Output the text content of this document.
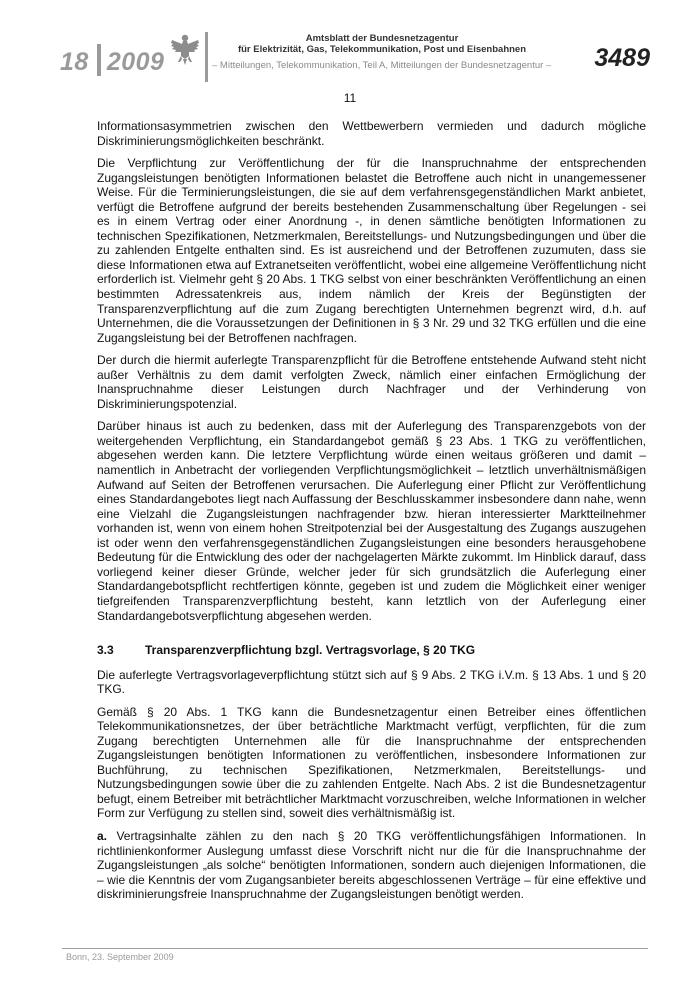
18 2009
Amtsblatt der Bundesnetzagentur
für Elektrizität, Gas, Telekommunikation, Post und Eisenbahnen
– Mitteilungen, Telekommunikation, Teil A, Mitteilungen der Bundesnetzagentur – 3489
11

Informationsasymmetrien zwischen den Wettbewerbern vermieden und dadurch mögliche Diskriminierungsmöglichkeiten beschränkt.

Die Verpflichtung zur Veröffentlichung der für die Inanspruchnahme der entsprechenden Zugangsleistungen benötigten Informationen belastet die Betroffene auch nicht in unangemessener Weise. Für die Terminierungsleistungen, die sie auf dem verfahrensgegenständlichen Markt anbietet, verfügt die Betroffene aufgrund der bereits bestehenden Zusammenschaltung über Regelungen - sei es in einem Vertrag oder einer Anordnung -, in denen sämtliche benötigten Informationen zu technischen Spezifikationen, Netzmerkmalen, Bereitstellungs- und Nutzungsbedingungen und über die zu zahlenden Entgelte enthalten sind. Es ist ausreichend und der Betroffenen zuzumuten, dass sie diese Informationen etwa auf Extranetseiten veröffentlicht, wobei eine allgemeine Veröffentlichung nicht erforderlich ist. Vielmehr geht § 20 Abs. 1 TKG selbst von einer beschränkten Veröffentlichung an einen bestimmten Adressatenkreis aus, indem nämlich der Kreis der Begünstigten der Transparenzverpflichtung auf die zum Zugang berechtigten Unternehmen begrenzt wird, d.h. auf Unternehmen, die die Voraussetzungen der Definitionen in § 3 Nr. 29 und 32 TKG erfüllen und die eine Zugangsleistung bei der Betroffenen nachfragen.

Der durch die hiermit auferlegte Transparenzpflicht für die Betroffene entstehende Aufwand steht nicht außer Verhältnis zu dem damit verfolgten Zweck, nämlich einer einfachen Ermöglichung der Inanspruchnahme dieser Leistungen durch Nachfrager und der Verhinderung von Diskriminierungspotenzial.

Darüber hinaus ist auch zu bedenken, dass mit der Auferlegung des Transparenzgebots von der weitergehenden Verpflichtung, ein Standardangebot gemäß § 23 Abs. 1 TKG zu veröffentlichen, abgesehen werden kann. Die letztere Verpflichtung würde einen weitaus größeren und damit – namentlich in Anbetracht der vorliegenden Verpflichtungsmöglichkeit – letztlich unverhältnismäßigen Aufwand auf Seiten der Betroffenen verursachen. Die Auferlegung einer Pflicht zur Veröffentlichung eines Standardangebotes liegt nach Auffassung der Beschlusskammer insbesondere dann nahe, wenn eine Vielzahl die Zugangsleistungen nachfragender bzw. hieran interessierter Marktteilnehmer vorhanden ist, wenn von einem hohen Streitpotenzial bei der Ausgestaltung des Zugangs auszugehen ist oder wenn den verfahrensgegenständlichen Zugangsleistungen eine besonders herausgehobene Bedeutung für die Entwicklung des oder der nachgelagerten Märkte zukommt. Im Hinblick darauf, dass vorliegend keiner dieser Gründe, welcher jeder für sich grundsätzlich die Auferlegung einer Standardangebotspflicht rechtfertigen könnte, gegeben ist und zudem die Möglichkeit einer weniger tiefgreifenden Transparenzverpflichtung besteht, kann letztlich von der Auferlegung einer Standardangebotsverpflichtung abgesehen werden.

3.3	Transparenzverpflichtung bzgl. Vertragsvorlage, § 20 TKG

Die auferlegte Vertragsvorlageverpflichtung stützt sich auf § 9 Abs. 2 TKG i.V.m. § 13 Abs. 1 und § 20 TKG.

Gemäß § 20 Abs. 1 TKG kann die Bundesnetzagentur einen Betreiber eines öffentlichen Telekommunikationsnetzes, der über beträchtliche Marktmacht verfügt, verpflichten, für die zum Zugang berechtigten Unternehmen alle für die Inanspruchnahme der entsprechenden Zugangsleistungen benötigten Informationen zu veröffentlichen, insbesondere Informationen zur Buchführung, zu technischen Spezifikationen, Netzmerkmalen, Bereitstellungs- und Nutzungsbedingungen sowie über die zu zahlenden Entgelte. Nach Abs. 2 ist die Bundesnetzagentur befugt, einem Betreiber mit beträchtlicher Marktmacht vorzuschreiben, welche Informationen in welcher Form zur Verfügung zu stellen sind, soweit dies verhältnismäßig ist.

a. Vertragsinhalte zählen zu den nach § 20 TKG veröffentlichungsfähigen Informationen. In richtlinienkonformer Auslegung umfasst diese Vorschrift nicht nur die für die Inanspruchnahme der Zugangsleistungen „als solche“ benötigten Informationen, sondern auch diejenigen Informationen, die – wie die Kenntnis der vom Zugangsanbieter bereits abgeschlossenen Verträge – für eine effektive und diskriminierungsfreie Inanspruchnahme der Zugangsleistungen benötigt werden.

Bonn, 23. September 2009
